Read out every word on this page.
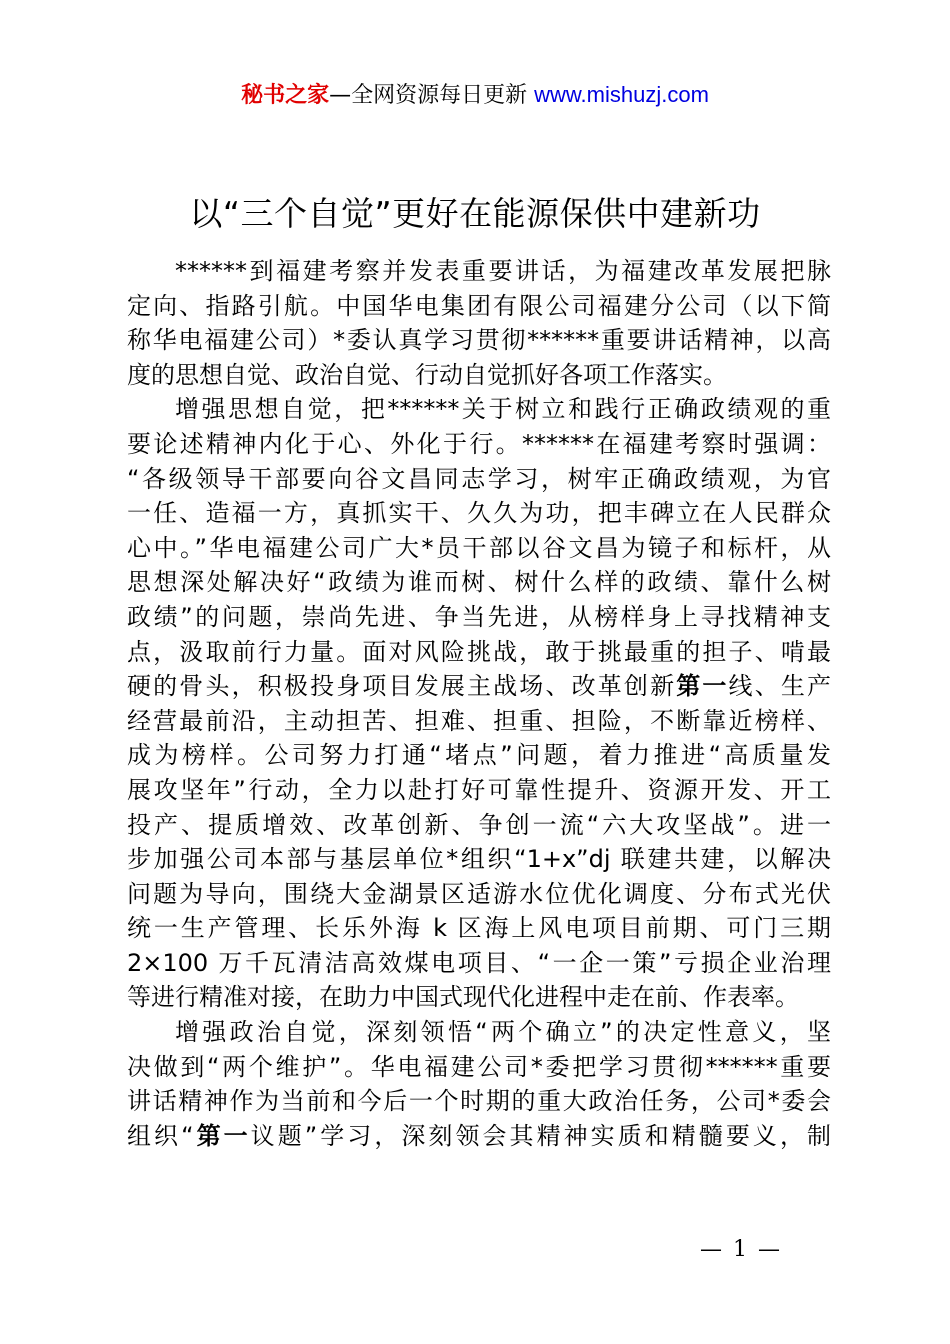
秘书之家—全网资源每日更新 www.mishuzj.com
以“三个自觉”更好在能源保供中建新功
******到福建考察并发表重要讲话，为福建改革发展把脉
定向、指路引航。中国华电集团有限公司福建分公司（以下简
称华电福建公司）*委认真学习贯彻******重要讲话精神，以高
度的思想自觉、政治自觉、行动自觉抓好各项工作落实。
增强思想自觉，把******关于树立和践行正确政绩观的重
要论述精神内化于心、外化于行。******在福建考察时强调：
“各级领导干部要向谷文昌同志学习，树牢正确政绩观，为官
一任、造福一方，真抓实干、久久为功，把丰碑立在人民群众
心中。”华电福建公司广大*员干部以谷文昌为镜子和标杆，从
思想深处解决好“政绩为谁而树、树什么样的政绩、靠什么树
政绩”的问题，崇尚先进、争当先进，从榜样身上寻找精神支
点，汲取前行力量。面对风险挑战，敢于挑最重的担子、啃最
硬的骨头，积极投身项目发展主战场、改革创新第一线、生产
经营最前沿，主动担苦、担难、担重、担险，不断靠近榜样、
成为榜样。公司努力打通“堵点”问题，着力推进“高质量发
展攻坚年”行动，全力以赴打好可靠性提升、资源开发、开工
投产、提质增效、改革创新、争创一流“六大攻坚战”。进一
步加强公司本部与基层单位*组织“1+x”dj 联建共建，以解决
问题为导向，围绕大金湖景区适游水位优化调度、分布式光伏
统一生产管理、长乐外海 k 区海上风电项目前期、可门三期
2×100 万千瓦清洁高效煤电项目、“一企一策”亏损企业治理
等进行精准对接，在助力中国式现代化进程中走在前、作表率。
增强政治自觉，深刻领悟“两个确立”的决定性意义，坚
决做到“两个维护”。华电福建公司*委把学习贯彻******重要
讲话精神作为当前和今后一个时期的重大政治任务，公司*委会
组织“第一议题”学习，深刻领会其精神实质和精髓要义，制
— 1 —
